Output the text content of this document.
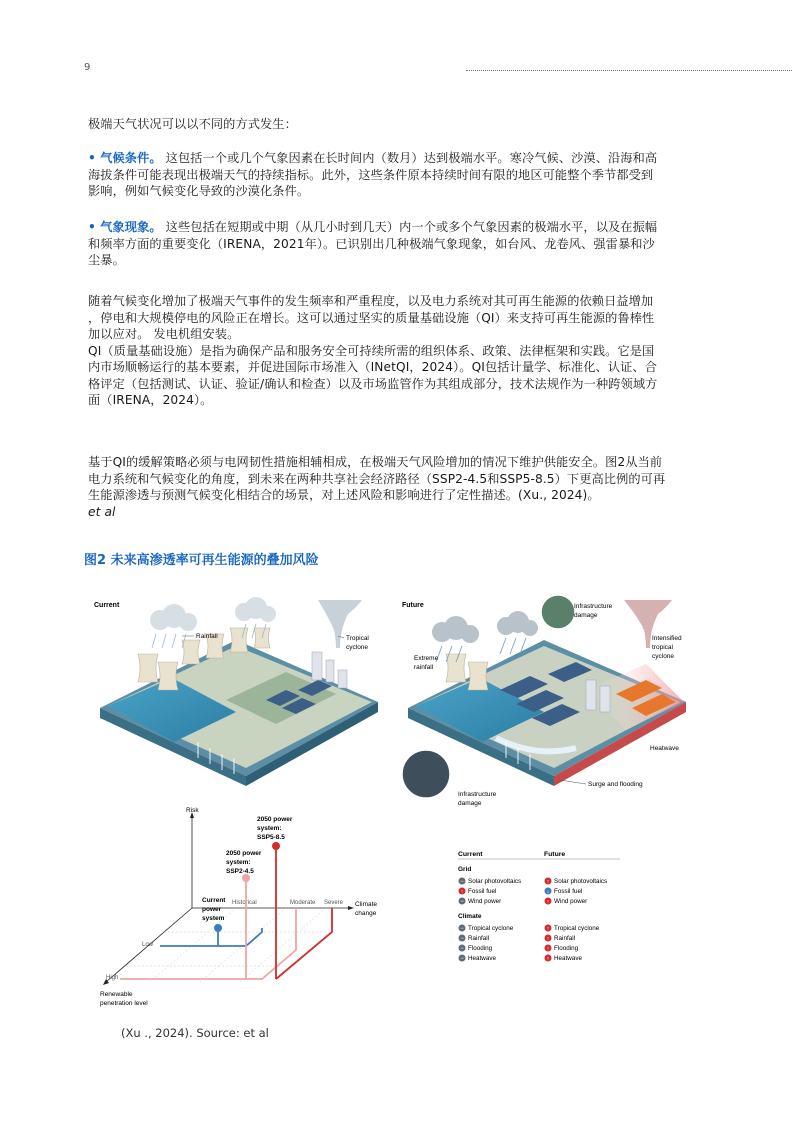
9
极端天气状况可以以不同的方式发生：
• 气候条件。 这包括一个或几个气象因素在长时间内（数月）达到极端水平。寒冷气候、沙漠、沿海和高
海拔条件可能表现出极端天气的持续指标。此外，这些条件原本持续时间有限的地区可能整个季节都受到
影响，例如气候变化导致的沙漠化条件。
• 气象现象。 这些包括在短期或中期（从几小时到几天）内一个或多个气象因素的极端水平，以及在振幅
和频率方面的重要变化（IRENA，2021年）。已识别出几种极端气象现象，如台风、龙卷风、强雷暴和沙
尘暴。
随着气候变化增加了极端天气事件的发生频率和严重程度，以及电力系统对其可再生能源的依赖日益增加
，停电和大规模停电的风险正在增长。这可以通过坚实的质量基础设施（QI）来支持可再生能源的鲁棒性
加以应对。 发电机组安装。
QI（质量基础设施）是指为确保产品和服务安全可持续所需的组织体系、政策、法律框架和实践。它是国
内市场顺畅运行的基本要素，并促进国际市场准入（INetQI，2024）。QI包括计量学、标准化、认证、合
格评定（包括测试、认证、验证/确认和检查）以及市场监管作为其组成部分，技术法规作为一种跨领域方
面（IRENA，2024）。
基于QI的缓解策略必须与电网韧性措施相辅相成，在极端天气风险增加的情况下维护供能安全。图2从当前
电力系统和气候变化的角度，到未来在两种共享社会经济路径（SSP2-4.5和SSP5-8.5）下更高比例的可再
生能源渗透与预测气候变化相结合的场景，对上述风险和影响进行了定性描述。(Xu., 2024)。
et al
图2 未来高渗透率可再生能源的叠加风险
Current
Rainfall	Tropical
cyclone
Future	Infrastructure
damage
Extreme
rainfall
Intensified
tropical
cyclone
Heatwave
Surge and flooding
Infrastructure
damage
Risk
Climate
change
Renewable
penetration level
Historical	Moderate Severe
Low
High
Current
power
system
2050 power
system:
SSP2-4.5
2050 power
system:
SSP5-8.5
Current	Future
Grid
− Solar photovoltaics	↑ Solar photovoltaics
↑ Fossil fuel	↓ Fossil fuel
− Wind power	↑ Wind power
Climate
− Tropical cyclone	↑ Tropical cyclone
− Rainfall	↑ Rainfall
− Flooding	↑ Flooding
− Heatwave	↑ Heatwave
(Xu ., 2024). Source: et al
